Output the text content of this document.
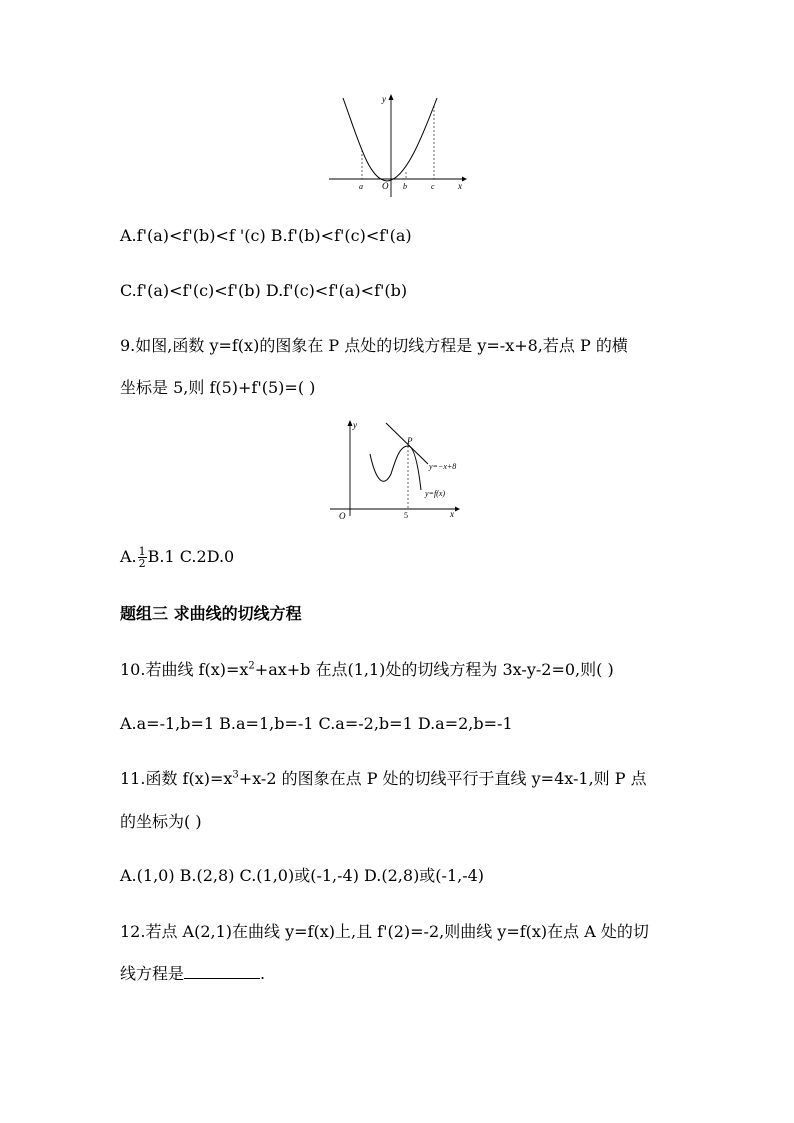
y
x
O
a	b	c
A.f'(a)<f'(b)<f '(c) B.f'(b)<f'(c)<f'(a)
C.f'(a)<f'(c)<f'(b) D.f'(c)<f'(a)<f'(b)
9.如图,函数 y=f(x)的图象在 P 点处的切线方程是 y=-x+8,若点 P 的横
坐标是 5,则 f(5)+f'(5)=( )
y
x
O
P
5
y=−x+8
y=f(x)
A. $\frac{1}{2} B.1$ C.2D.0
题组三 求曲线的切线方程
10.若曲线 $f(x)=x^2+ax+b$ 在点(1,1)处的切线方程为 3x-y-2=0,则( )
A.a=-1,b=1 B.a=1,b=-1 C.a=-2,b=1 D.a=2,b=-1
11.函数 $f(x)=x^3+x-2$ 的图象在点 P 处的切线平行于直线 y=4x-1,则 P 点
的坐标为( )
A.(1,0) B.(2,8) C.(1,0)或(-1,-4) D.(2,8)或(-1,-4)
12.若点 A(2,1)在曲线 y=f(x)上,且 f'(2)=-2,则曲线 y=f(x)在点 A 处的切
线方程是	.
